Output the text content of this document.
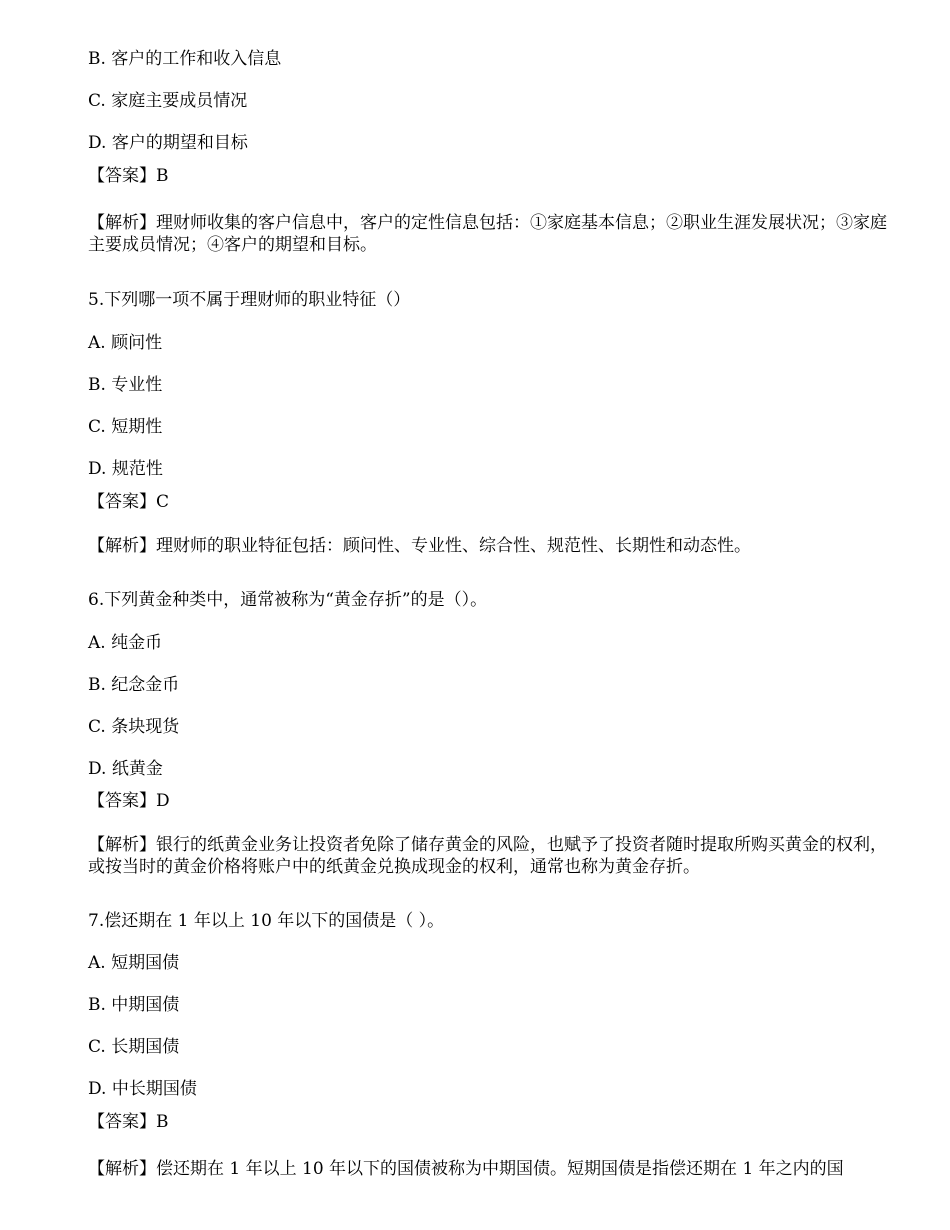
B. 客户的工作和收入信息
C. 家庭主要成员情况
D. 客户的期望和目标
【答案】B
【解析】理财师收集的客户信息中，客户的定性信息包括：①家庭基本信息；②职业生涯发展状况；③家庭主要成员情况；④客户的期望和目标。
5.下列哪一项不属于理财师的职业特征（）
A. 顾问性
B. 专业性
C. 短期性
D. 规范性
【答案】C
【解析】理财师的职业特征包括：顾问性、专业性、综合性、规范性、长期性和动态性。
6.下列黄金种类中，通常被称为“黄金存折”的是（）。
A. 纯金币
B. 纪念金币
C. 条块现货
D. 纸黄金
【答案】D
【解析】银行的纸黄金业务让投资者免除了储存黄金的风险，也赋予了投资者随时提取所购买黄金的权利，或按当时的黄金价格将账户中的纸黄金兑换成现金的权利，通常也称为黄金存折。
7.偿还期在 1 年以上 10 年以下的国债是（ ）。
A. 短期国债
B. 中期国债
C. 长期国债
D. 中长期国债
【答案】B
【解析】偿还期在 1 年以上 10 年以下的国债被称为中期国债。短期国债是指偿还期在 1 年之内的国
